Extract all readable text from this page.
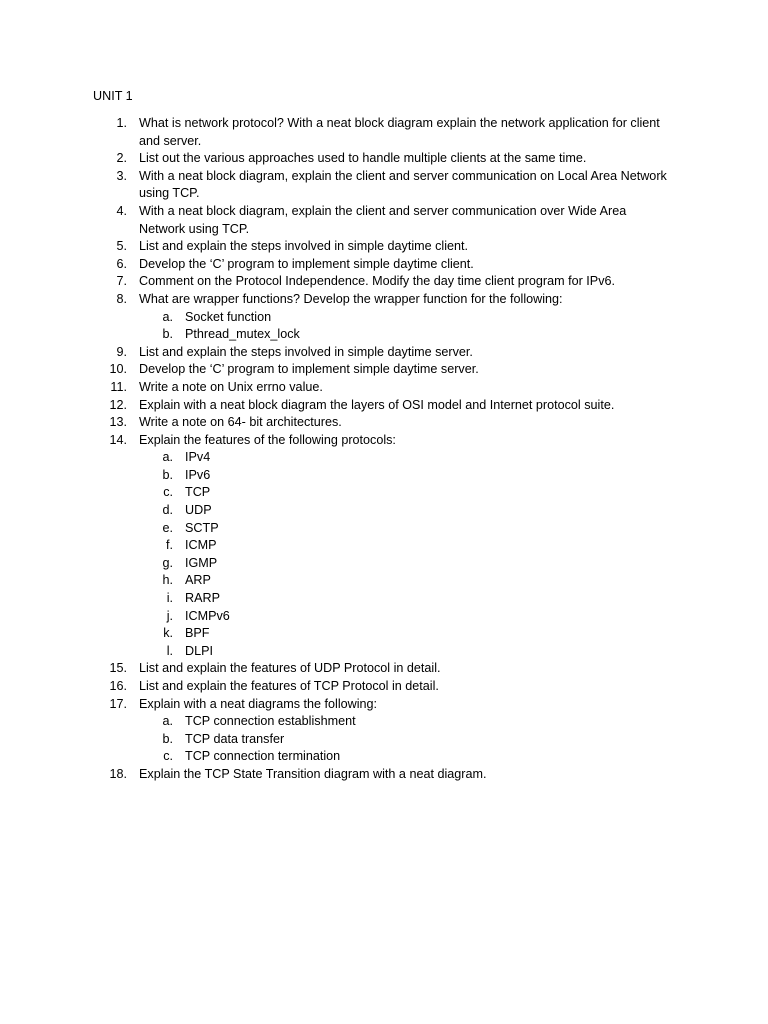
UNIT 1
1. What is network protocol? With a neat block diagram explain the network application for client and server.
2. List out the various approaches used to handle multiple clients at the same time.
3. With a neat block diagram, explain the client and server communication on Local Area Network using TCP.
4. With a neat block diagram, explain the client and server communication over Wide Area Network using TCP.
5. List and explain the steps involved in simple daytime client.
6. Develop the ‘C’ program to implement simple daytime client.
7. Comment on the Protocol Independence. Modify the day time client program for IPv6.
8. What are wrapper functions? Develop the wrapper function for the following:
a. Socket function
b. Pthread_mutex_lock
9. List and explain the steps involved in simple daytime server.
10. Develop the ‘C’ program to implement simple daytime server.
11. Write a note on Unix errno value.
12. Explain with a neat block diagram the layers of OSI model and Internet protocol suite.
13. Write a note on 64- bit architectures.
14. Explain the features of the following protocols:
a. IPv4
b. IPv6
c. TCP
d. UDP
e. SCTP
f. ICMP
g. IGMP
h. ARP
i. RARP
j. ICMPv6
k. BPF
l. DLPI
15. List and explain the features of UDP Protocol in detail.
16. List and explain the features of TCP Protocol in detail.
17. Explain with a neat diagrams the following:
a. TCP connection establishment
b. TCP data transfer
c. TCP connection termination
18. Explain the TCP State Transition diagram with a neat diagram.
